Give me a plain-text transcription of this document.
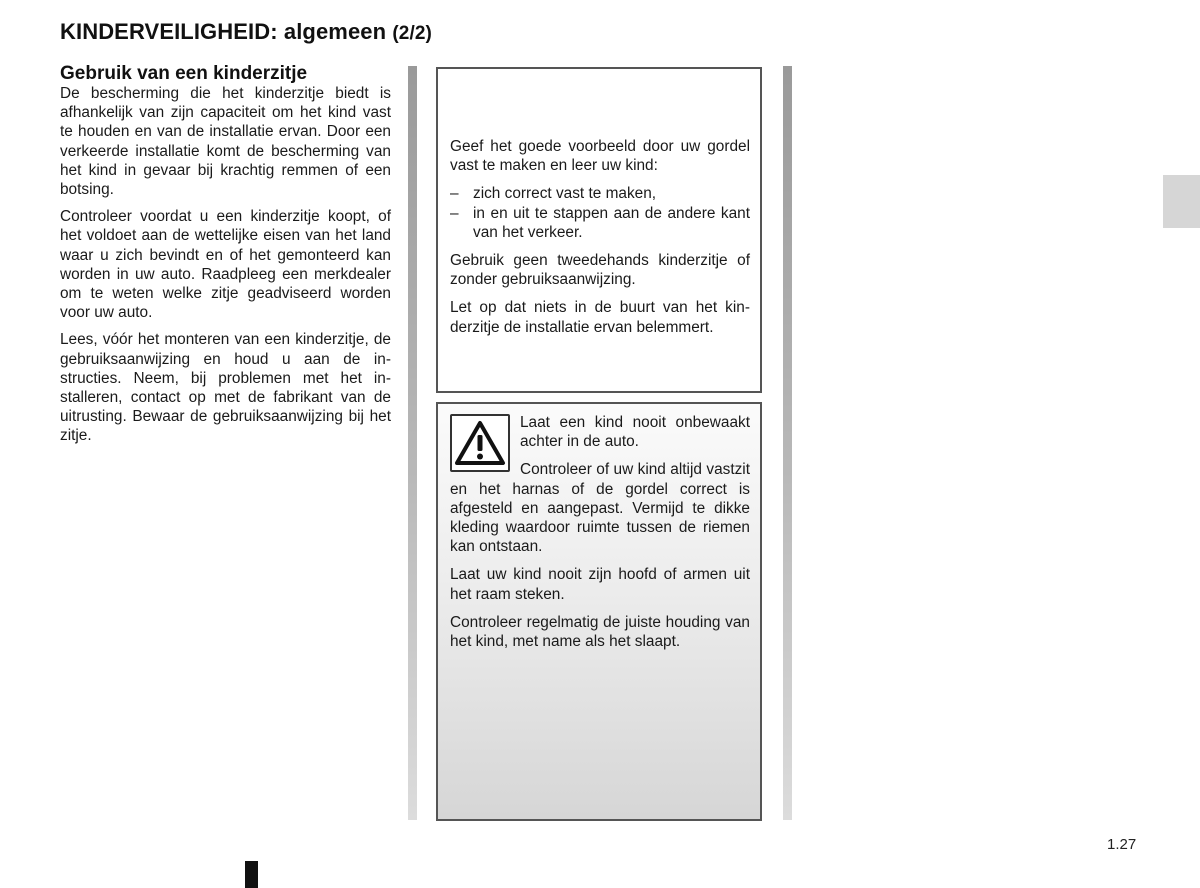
KINDERVEILIGHEID: algemeen (2/2)
Gebruik van een kinderzitje

De bescherming die het kinderzitje biedt is afhankelijk van zijn capaciteit om het kind vast te houden en van de installatie ervan. Door een verkeerde installatie komt de bescherming van het kind in gevaar bij krachtig remmen of een botsing.

Controleer voordat u een kinderzitje koopt, of het voldoet aan de wettelijke eisen van het land waar u zich bevindt en of het gemonteerd kan worden in uw auto. Raadpleeg een merkdealer om te weten welke zitje geadviseerd worden voor uw auto.

Lees, vóór het monteren van een kinderzitje, de gebruiksaanwijzing en houd u aan de instructies. Neem, bij problemen met het installeren, contact op met de fabrikant van de uitrusting. Bewaar de gebruiksaanwijzing bij het zitje.

Geef het goede voorbeeld door uw gordel vast te maken en leer uw kind:

– zich correct vast te maken,
– in en uit te stappen aan de andere kant van het verkeer.

Gebruik geen tweedehands kinderzitje of zonder gebruiksaanwijzing.

Let op dat niets in de buurt van het kinderzitje de installatie ervan belemmert.

Laat een kind nooit onbewaakt achter in de auto.

Controleer of uw kind altijd vastzit en het harnas of de gordel correct is afgesteld en aangepast. Vermijd te dikke kleding waardoor ruimte tussen de riemen kan ontstaan.

Laat uw kind nooit zijn hoofd of armen uit het raam steken.

Controleer regelmatig de juiste houding van het kind, met name als het slaapt.

1.27
